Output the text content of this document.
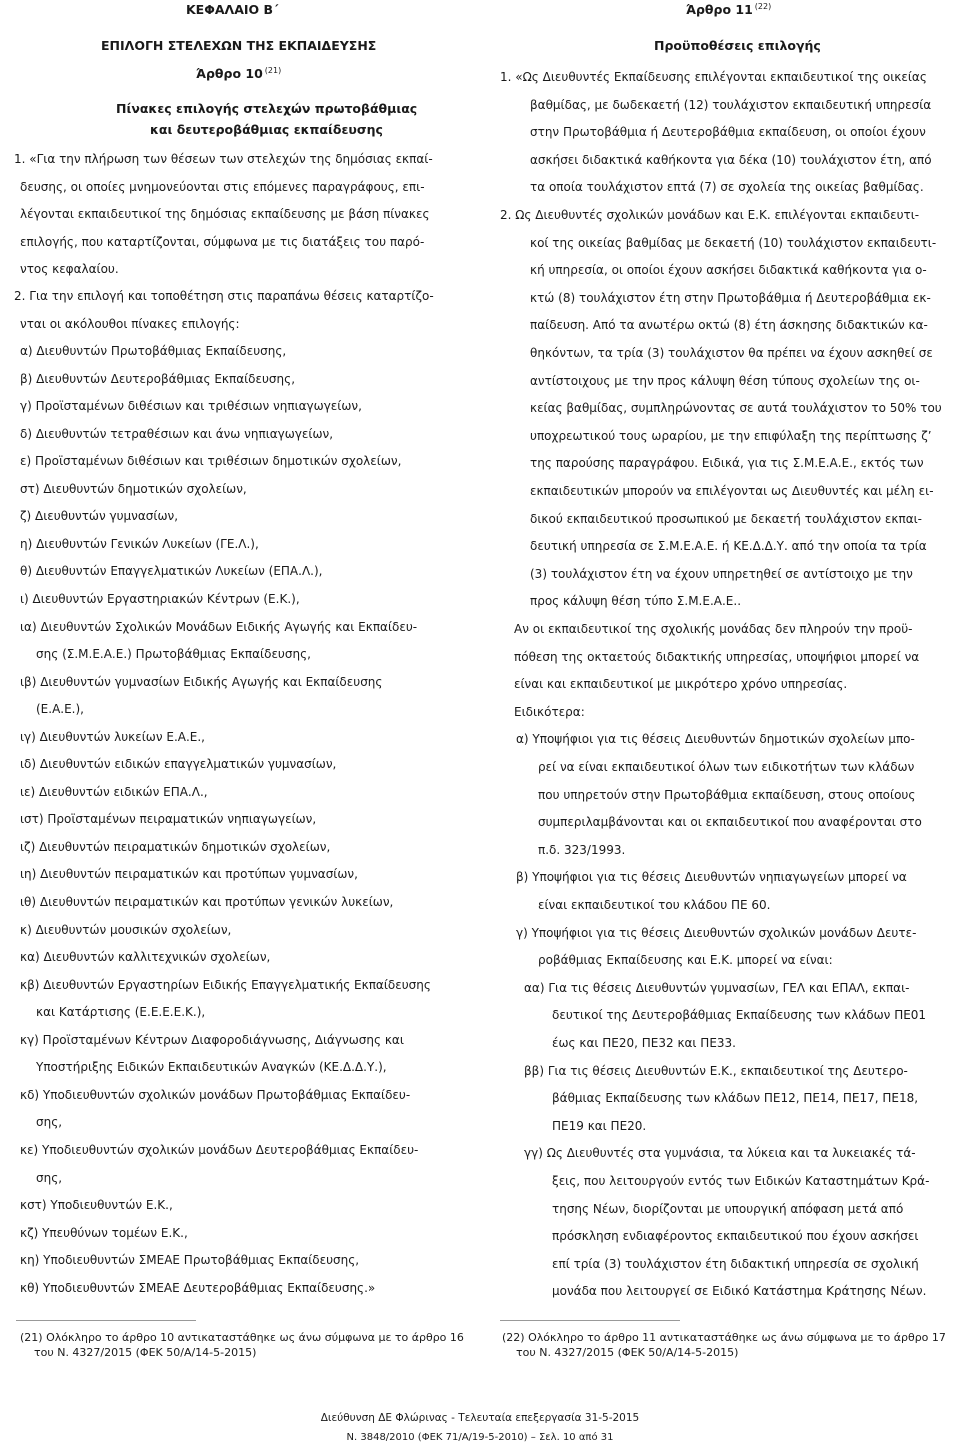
ΚΕΦΑΛΑΙΟ Β΄
ΕΠΙΛΟΓΗ ΣΤΕΛΕΧΩΝ ΤΗΣ ΕΚΠΑΙΔΕΥΣΗΣ
Άρθρο 10 $^{(21)}$
Πίνακες επιλογής στελεχών πρωτοβάθμιας
και δευτεροβάθμιας εκπαίδευσης
1. «Για την πλήρωση των θέσεων των στελεχών της δημόσιας εκπαί-
δευσης, οι οποίες μνημονεύονται στις επόμενες παραγράφους, επι-
λέγονται εκπαιδευτικοί της δημόσιας εκπαίδευσης με βάση πίνακες
επιλογής, που καταρτίζονται, σύμφωνα με τις διατάξεις του παρό-
ντος κεφαλαίου.
2. Για την επιλογή και τοποθέτηση στις παραπάνω θέσεις καταρτίζο-
νται οι ακόλουθοι πίνακες επιλογής:
α) Διευθυντών Πρωτοβάθμιας Εκπαίδευσης,
β) Διευθυντών Δευτεροβάθμιας Εκπαίδευσης,
γ) Προϊσταμένων διθέσιων και τριθέσιων νηπιαγωγείων,
δ) Διευθυντών τετραθέσιων και άνω νηπιαγωγείων,
ε) Προϊσταμένων διθέσιων και τριθέσιων δημοτικών σχολείων,
στ) Διευθυντών δημοτικών σχολείων,
ζ) Διευθυντών γυμνασίων,
η) Διευθυντών Γενικών Λυκείων (ΓΕ.Λ.),
θ) Διευθυντών Επαγγελματικών Λυκείων (ΕΠΑ.Λ.),
ι) Διευθυντών Εργαστηριακών Κέντρων (Ε.Κ.),
ια) Διευθυντών Σχολικών Μονάδων Ειδικής Αγωγής και Εκπαίδευ-
σης (Σ.Μ.Ε.Α.Ε.) Πρωτοβάθμιας Εκπαίδευσης,
ιβ) Διευθυντών γυμνασίων Ειδικής Αγωγής και Εκπαίδευσης
(Ε.Α.Ε.),
ιγ) Διευθυντών λυκείων Ε.Α.Ε.,
ιδ) Διευθυντών ειδικών επαγγελματικών γυμνασίων,
ιε) Διευθυντών ειδικών ΕΠΑ.Λ.,
ιστ) Προϊσταμένων πειραματικών νηπιαγωγείων,
ιζ) Διευθυντών πειραματικών δημοτικών σχολείων,
ιη) Διευθυντών πειραματικών και προτύπων γυμνασίων,
ιθ) Διευθυντών πειραματικών και προτύπων γενικών λυκείων,
κ) Διευθυντών μουσικών σχολείων,
κα) Διευθυντών καλλιτεχνικών σχολείων,
κβ) Διευθυντών Εργαστηρίων Ειδικής Επαγγελματικής Εκπαίδευσης
και Κατάρτισης (Ε.Ε.Ε.Ε.Κ.),
κγ) Προϊσταμένων Κέντρων Διαφοροδιάγνωσης, Διάγνωσης και
Υποστήριξης Ειδικών Εκπαιδευτικών Αναγκών (ΚΕ.Δ.Δ.Υ.),
κδ) Υποδιευθυντών σχολικών μονάδων Πρωτοβάθμιας Εκπαίδευ-
σης,
κε) Υποδιευθυντών σχολικών μονάδων Δευτεροβάθμιας Εκπαίδευ-
σης,
κστ) Υποδιευθυντών Ε.Κ.,
κζ) Υπευθύνων τομέων Ε.Κ.,
κη) Υποδιευθυντών ΣΜΕΑΕ Πρωτοβάθμιας Εκπαίδευσης,
κθ) Υποδιευθυντών ΣΜΕΑΕ Δευτεροβάθμιας Εκπαίδευσης.»
(21) Ολόκληρο το άρθρο 10 αντικαταστάθηκε ως άνω σύμφωνα με το άρθρο 16
του Ν. 4327/2015 (ΦΕΚ 50/Α/14-5-2015)
Άρθρο 11 $^{(22)}$
Προϋποθέσεις επιλογής
1. «Ως Διευθυντές Εκπαίδευσης επιλέγονται εκπαιδευτικοί της οικείας
βαθμίδας, με δωδεκαετή (12) τουλάχιστον εκπαιδευτική υπηρεσία
στην Πρωτοβάθμια ή Δευτεροβάθμια εκπαίδευση, οι οποίοι έχουν
ασκήσει διδακτικά καθήκοντα για δέκα (10) τουλάχιστον έτη, από
τα οποία τουλάχιστον επτά (7) σε σχολεία της οικείας βαθμίδας.
2. Ως Διευθυντές σχολικών μονάδων και Ε.Κ. επιλέγονται εκπαιδευτι-
κοί της οικείας βαθμίδας με δεκαετή (10) τουλάχιστον εκπαιδευτι-
κή υπηρεσία, οι οποίοι έχουν ασκήσει διδακτικά καθήκοντα για ο-
κτώ (8) τουλάχιστον έτη στην Πρωτοβάθμια ή Δευτεροβάθμια εκ-
παίδευση. Από τα ανωτέρω οκτώ (8) έτη άσκησης διδακτικών κα-
θηκόντων, τα τρία (3) τουλάχιστον θα πρέπει να έχουν ασκηθεί σε
αντίστοιχους με την προς κάλυψη θέση τύπους σχολείων της οι-
κείας βαθμίδας, συμπληρώνοντας σε αυτά τουλάχιστον το 50% του
υποχρεωτικού τους ωραρίου, με την επιφύλαξη της περίπτωσης ζ’
της παρούσης παραγράφου. Ειδικά, για τις Σ.Μ.Ε.Α.Ε., εκτός των
εκπαιδευτικών μπορούν να επιλέγονται ως Διευθυντές και μέλη ει-
δικού εκπαιδευτικού προσωπικού με δεκαετή τουλάχιστον εκπαι-
δευτική υπηρεσία σε Σ.Μ.Ε.Α.Ε. ή ΚΕ.Δ.Δ.Υ. από την οποία τα τρία
(3) τουλάχιστον έτη να έχουν υπηρετηθεί σε αντίστοιχο με την
προς κάλυψη θέση τύπο Σ.Μ.Ε.Α.Ε..
Αν οι εκπαιδευτικοί της σχολικής μονάδας δεν πληρούν την προϋ-
πόθεση της οκταετούς διδακτικής υπηρεσίας, υποψήφιοι μπορεί να
είναι και εκπαιδευτικοί με μικρότερο χρόνο υπηρεσίας.
Ειδικότερα:
α) Υποψήφιοι για τις θέσεις Διευθυντών δημοτικών σχολείων μπο-
ρεί να είναι εκπαιδευτικοί όλων των ειδικοτήτων των κλάδων
που υπηρετούν στην Πρωτοβάθμια εκπαίδευση, στους οποίους
συμπεριλαμβάνονται και οι εκπαιδευτικοί που αναφέρονται στο
π.δ. 323/1993.
β) Υποψήφιοι για τις θέσεις Διευθυντών νηπιαγωγείων μπορεί να
είναι εκπαιδευτικοί του κλάδου ΠΕ 60.
γ) Υποψήφιοι για τις θέσεις Διευθυντών σχολικών μονάδων Δευτε-
ροβάθμιας Εκπαίδευσης και Ε.Κ. μπορεί να είναι:
αα) Για τις θέσεις Διευθυντών γυμνασίων, ΓΕΛ και ΕΠΑΛ, εκπαι-
δευτικοί της Δευτεροβάθμιας Εκπαίδευσης των κλάδων ΠΕ01
έως και ΠΕ20, ΠΕ32 και ΠΕ33.
ββ) Για τις θέσεις Διευθυντών Ε.Κ., εκπαιδευτικοί της Δευτερο-
βάθμιας Εκπαίδευσης των κλάδων ΠΕ12, ΠΕ14, ΠΕ17, ΠΕ18,
ΠΕ19 και ΠΕ20.
γγ) Ως Διευθυντές στα γυμνάσια, τα λύκεια και τα λυκειακές τά-
ξεις, που λειτουργούν εντός των Ειδικών Καταστημάτων Κρά-
τησης Νέων, διορίζονται με υπουργική απόφαση μετά από
πρόσκληση ενδιαφέροντος εκπαιδευτικού που έχουν ασκήσει
επί τρία (3) τουλάχιστον έτη διδακτική υπηρεσία σε σχολική
μονάδα που λειτουργεί σε Ειδικό Κατάστημα Κράτησης Νέων.
(22) Ολόκληρο το άρθρο 11 αντικαταστάθηκε ως άνω σύμφωνα με το άρθρο 17
του Ν. 4327/2015 (ΦΕΚ 50/Α/14-5-2015)
Διεύθυνση ΔΕ Φλώρινας - Τελευταία επεξεργασία 31-5-2015
Ν. 3848/2010 (ΦΕΚ 71/Α/19-5-2010) – Σελ. 10 από 31
